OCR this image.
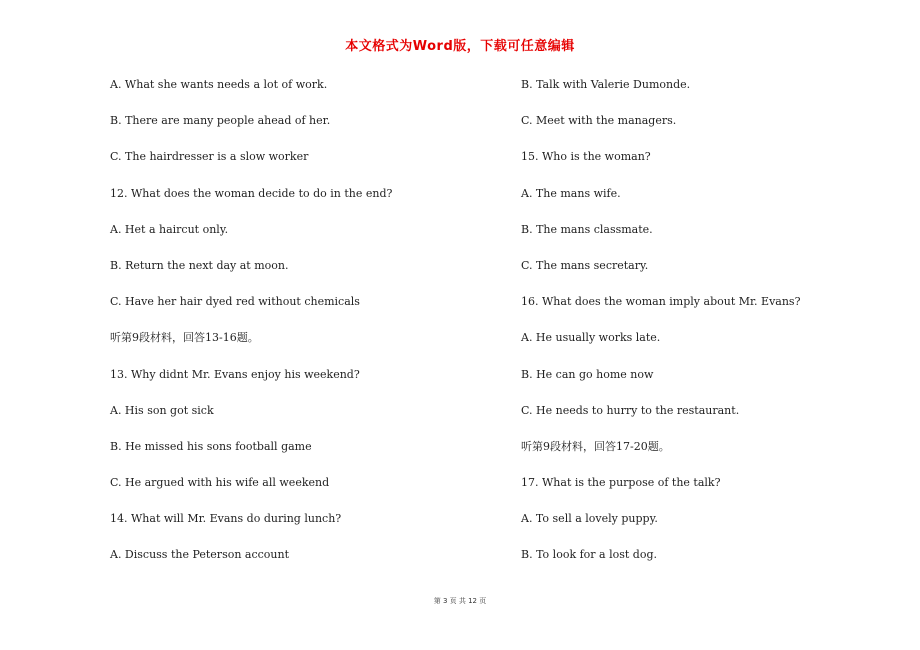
本文格式为Word版，下载可任意编辑
A. What she wants needs a lot of work.
B. There are many people ahead of her.
C. The hairdresser is a slow worker
12. What does the woman decide to do in the end?
A. Het a haircut only.
B. Return the next day at moon.
C. Have her hair dyed red without chemicals
听第9段材料，回答13-16题。
13. Why didnt Mr. Evans enjoy his weekend?
A. His son got sick
B. He missed his sons football game
C. He argued with his wife all weekend
14. What will Mr. Evans do during lunch?
A. Discuss the Peterson account
B. Talk with Valerie Dumonde.
C. Meet with the managers.
15. Who is the woman?
A. The mans wife.
B. The mans classmate.
C. The mans secretary.
16. What does the woman imply about Mr. Evans?
A. He usually works late.
B. He can go home now
C. He needs to hurry to the restaurant.
听第9段材料，回答17-20题。
17. What is the purpose of the talk?
A. To sell a lovely puppy.
B. To look for a lost dog.
第 3 页 共 12 页
